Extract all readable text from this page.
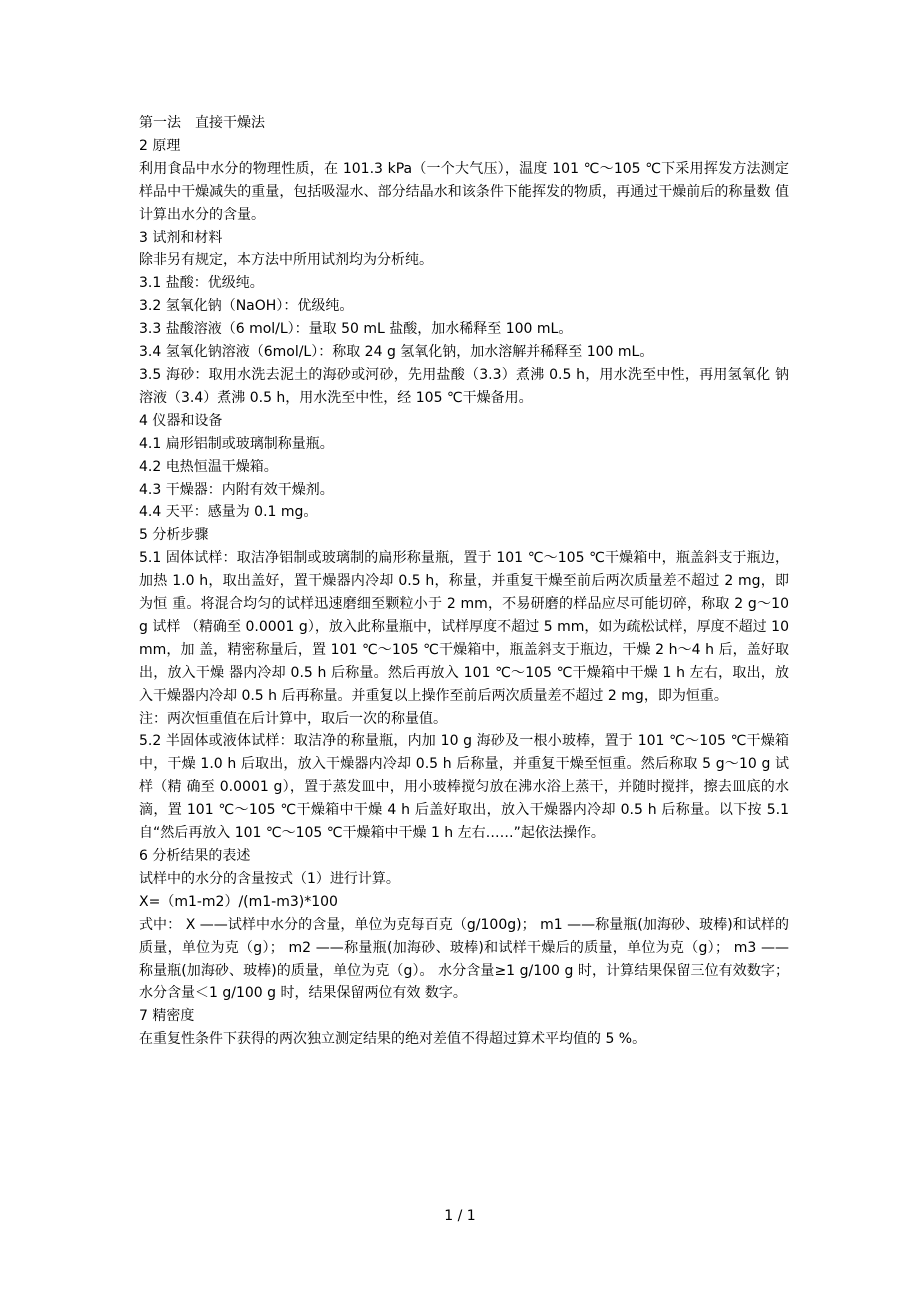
第一法　直接干燥法

2 原理

利用食品中水分的物理性质，在 101.3 kPa（一个大气压），温度 101 ℃～105 ℃下采用挥发方法测定 样品中干燥减失的重量，包括吸湿水、部分结晶水和该条件下能挥发的物质，再通过干燥前后的称量数 值计算出水分的含量。

3 试剂和材料

除非另有规定，本方法中所用试剂均为分析纯。

3.1 盐酸：优级纯。

3.2 氢氧化钠（NaOH）：优级纯。

3.3 盐酸溶液（6 mol/L）：量取 50 mL 盐酸，加水稀释至 100 mL。

3.4 氢氧化钠溶液（6mol/L）：称取 24 g 氢氧化钠，加水溶解并稀释至 100 mL。

3.5 海砂：取用水洗去泥土的海砂或河砂，先用盐酸（3.3）煮沸 0.5 h，用水洗至中性，再用氢氧化 钠溶液（3.4）煮沸 0.5 h，用水洗至中性，经 105 ℃干燥备用。

4 仪器和设备

4.1 扁形铝制或玻璃制称量瓶。

4.2 电热恒温干燥箱。

4.3 干燥器：内附有效干燥剂。

4.4 天平：感量为 0.1 mg。

5 分析步骤

5.1 固体试样：取洁净铝制或玻璃制的扁形称量瓶，置于 101 ℃～105 ℃干燥箱中，瓶盖斜支于瓶边， 加热 1.0 h，取出盖好，置干燥器内冷却 0.5 h，称量，并重复干燥至前后两次质量差不超过 2 mg，即为恒 重。将混合均匀的试样迅速磨细至颗粒小于 2 mm，不易研磨的样品应尽可能切碎，称取 2 g～10 g 试样 （精确至 0.0001 g），放入此称量瓶中，试样厚度不超过 5 mm，如为疏松试样，厚度不超过 10 mm，加 盖，精密称量后，置 101 ℃～105 ℃干燥箱中，瓶盖斜支于瓶边，干燥 2 h～4 h 后，盖好取出，放入干燥 器内冷却 0.5 h 后称量。然后再放入 101 ℃～105 ℃干燥箱中干燥 1 h 左右，取出，放入干燥器内冷却 0.5 h 后再称量。并重复以上操作至前后两次质量差不超过 2 mg，即为恒重。

注：两次恒重值在后计算中，取后一次的称量值。

5.2 半固体或液体试样：取洁净的称量瓶，内加 10 g 海砂及一根小玻棒，置于 101 ℃～105 ℃干燥箱 中，干燥 1.0 h 后取出，放入干燥器内冷却 0.5 h 后称量，并重复干燥至恒重。然后称取 5 g～10 g 试样（精 确至 0.0001 g），置于蒸发皿中，用小玻棒搅匀放在沸水浴上蒸干，并随时搅拌，擦去皿底的水滴，置 101 ℃～105 ℃干燥箱中干燥 4 h 后盖好取出，放入干燥器内冷却 0.5 h 后称量。以下按 5.1 自“然后再放入 101 ℃～105 ℃干燥箱中干燥 1 h 左右……”起依法操作。

6 分析结果的表述

试样中的水分的含量按式（1）进行计算。

X=（m1-m2）/(m1-m3)*100

式中： X ——试样中水分的含量，单位为克每百克（g/100g)； m1 ——称量瓶(加海砂、玻棒)和试样的质量，单位为克（g）； m2 ——称量瓶(加海砂、玻棒)和试样干燥后的质量，单位为克（g）； m3 ——称量瓶(加海砂、玻棒)的质量，单位为克（g）。 水分含量≥1 g/100 g 时，计算结果保留三位有效数字；水分含量＜1 g/100 g 时，结果保留两位有效 数字。

7 精密度

在重复性条件下获得的两次独立测定结果的绝对差值不得超过算术平均值的 5 %。

1 / 1
